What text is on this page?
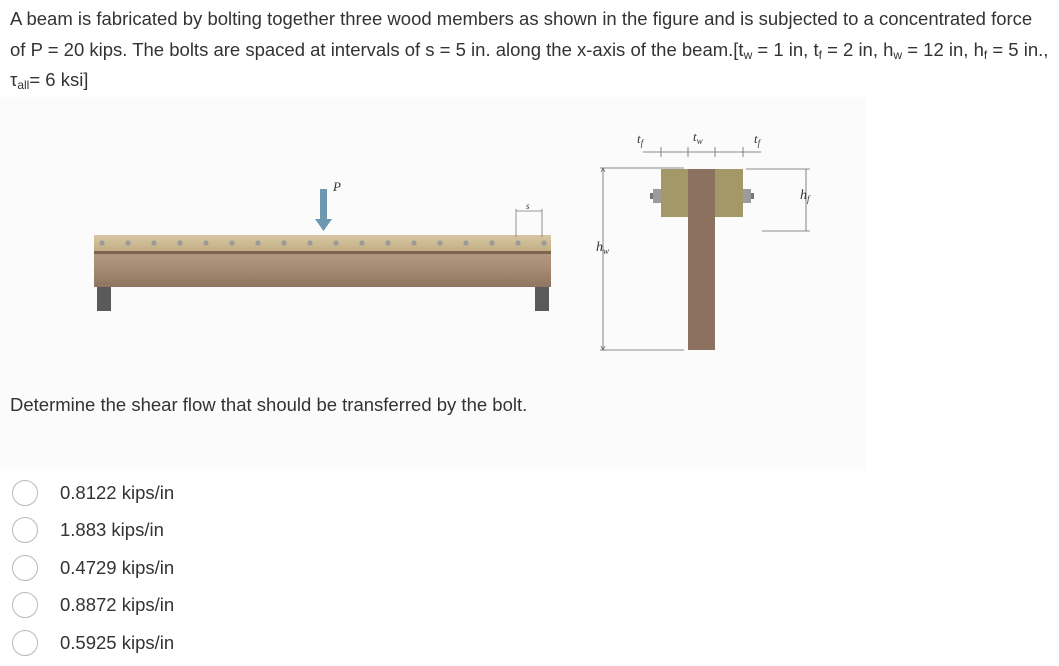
A beam is fabricated by bolting together three wood members as shown in the figure and is subjected to a concentrated force of P = 20 kips. The bolts are spaced at intervals of s = 5 in. along the x-axis of the $beam.[t_w = 1$ in, $t_f = 2$ in, $h_w = 12$ in, $h_f = 5$ in., $\tau_{all}= 6$ ksi]
P
s
$h_w$
$h_f$
$t_f$	$t_w$	$t_f$
Determine the shear flow that should be transferred by the bolt.
0.8122 kips/in
1.883 kips/in
0.4729 kips/in
0.8872 kips/in
0.5925 kips/in
